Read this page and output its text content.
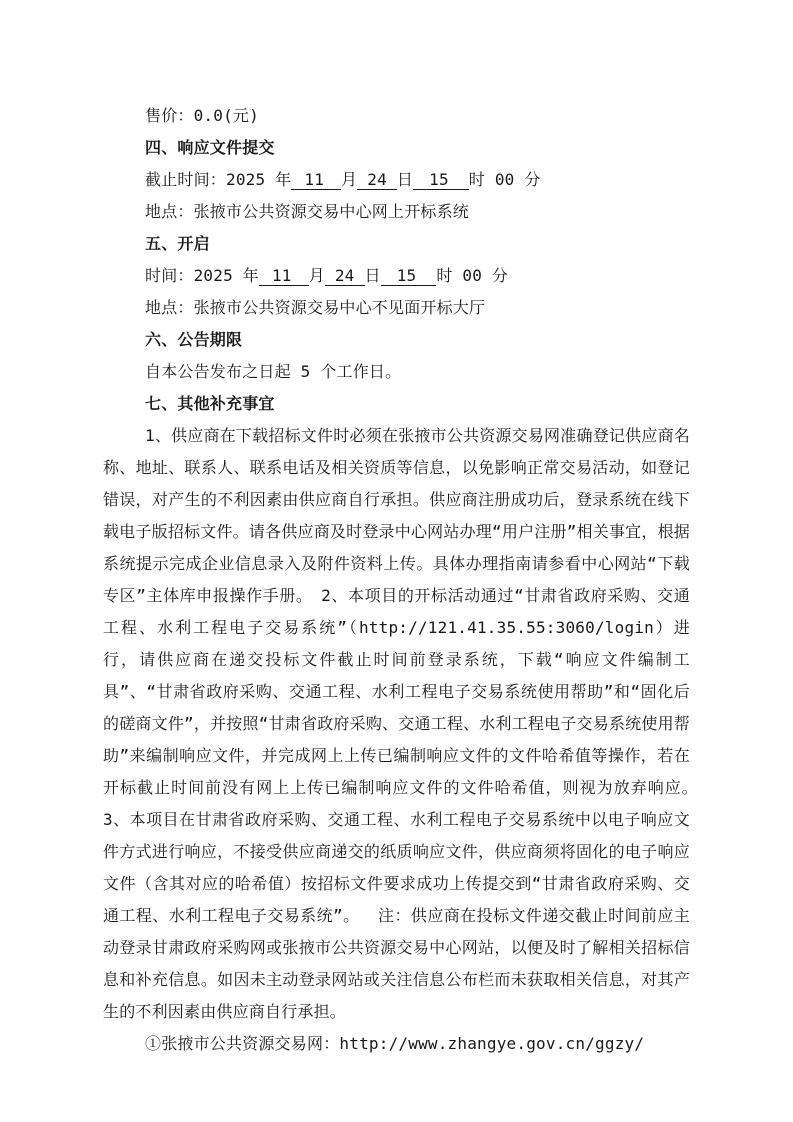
售价：0.0(元)

四、响应文件提交

截止时间：2025 年 11 月 24 日 15 时 00 分

地点：张掖市公共资源交易中心网上开标系统

五、开启

时间：2025 年 11 月 24 日 15 时 00 分

地点：张掖市公共资源交易中心不见面开标大厅

六、公告期限

自本公告发布之日起 5 个工作日。

七、其他补充事宜

1、供应商在下载招标文件时必须在张掖市公共资源交易网准确登记供应商名称、地址、联系人、联系电话及相关资质等信息，以免影响正常交易活动，如登记错误，对产生的不利因素由供应商自行承担。供应商注册成功后，登录系统在线下载电子版招标文件。请各供应商及时登录中心网站办理“用户注册”相关事宜，根据系统提示完成企业信息录入及附件资料上传。具体办理指南请参看中心网站“下载专区”主体库申报操作手册。　2、本项目的开标活动通过“甘肃省政府采购、交通工程、水利工程电子交易系统”（http://121.41.35.55:3060/login）进行，请供应商在递交投标文件截止时间前登录系统，下载“响应文件编制工具”、“甘肃省政府采购、交通工程、水利工程电子交易系统使用帮助”和“固化后的磋商文件”，并按照“甘肃省政府采购、交通工程、水利工程电子交易系统使用帮助”来编制响应文件，并完成网上上传已编制响应文件的文件哈希值等操作，若在开标截止时间前没有网上上传已编制响应文件的文件哈希值，则视为放弃响应。　3、本项目在甘肃省政府采购、交通工程、水利工程电子交易系统中以电子响应文件方式进行响应，不接受供应商递交的纸质响应文件，供应商须将固化的电子响应文件（含其对应的哈希值）按招标文件要求成功上传提交到“甘肃省政府采购、交通工程、水利工程电子交易系统”。　 注：供应商在投标文件递交截止时间前应主动登录甘肃政府采购网或张掖市公共资源交易中心网站，以便及时了解相关招标信息和补充信息。如因未主动登录网站或关注信息公布栏而未获取相关信息，对其产生的不利因素由供应商自行承担。

①张掖市公共资源交易网：http://www.zhangye.gov.cn/ggzy/
